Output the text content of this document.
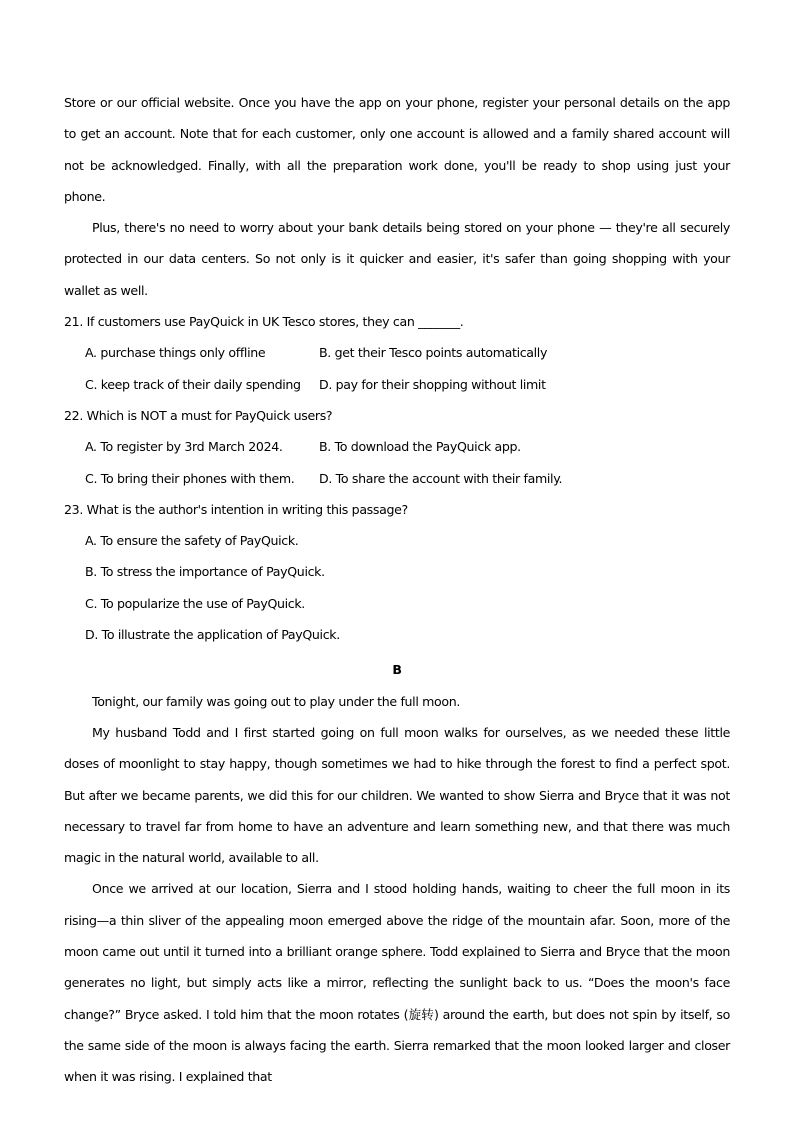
Store or our official website. Once you have the app on your phone, register your personal details on the app to get an account. Note that for each customer, only one account is allowed and a family shared account will not be acknowledged. Finally, with all the preparation work done, you'll be ready to shop using just your phone.

Plus, there's no need to worry about your bank details being stored on your phone — they're all securely protected in our data centers. So not only is it quicker and easier, it's safer than going shopping with your wallet as well.

21. If customers use PayQuick in UK Tesco stores, they can _______.

A. purchase things only offline	B. get their Tesco points automatically
C. keep track of their daily spending	D. pay for their shopping without limit

22. Which is NOT a must for PayQuick users?

A. To register by 3rd March 2024.	B. To download the PayQuick app.
C. To bring their phones with them.	D. To share the account with their family.

23. What is the author's intention in writing this passage?

A. To ensure the safety of PayQuick.

B. To stress the importance of PayQuick.

C. To popularize the use of PayQuick.

D. To illustrate the application of PayQuick.

B

Tonight, our family was going out to play under the full moon.

My husband Todd and I first started going on full moon walks for ourselves, as we needed these little doses of moonlight to stay happy, though sometimes we had to hike through the forest to find a perfect spot. But after we became parents, we did this for our children. We wanted to show Sierra and Bryce that it was not necessary to travel far from home to have an adventure and learn something new, and that there was much magic in the natural world, available to all.

Once we arrived at our location, Sierra and I stood holding hands, waiting to cheer the full moon in its rising—a thin sliver of the appealing moon emerged above the ridge of the mountain afar. Soon, more of the moon came out until it turned into a brilliant orange sphere. Todd explained to Sierra and Bryce that the moon generates no light, but simply acts like a mirror, reflecting the sunlight back to us. “Does the moon's face change?” Bryce asked. I told him that the moon rotates (旋转) around the earth, but does not spin by itself, so the same side of the moon is always facing the earth. Sierra remarked that the moon looked larger and closer when it was rising. I explained that
